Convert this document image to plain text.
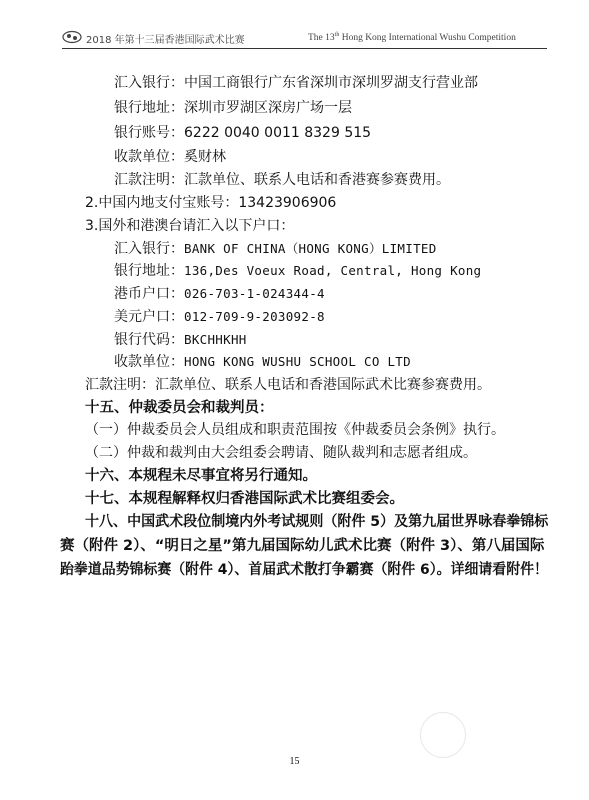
2018 年第十三届香港国际武术比赛	The 13th Hong Kong International Wushu Competition
汇入银行：中国工商银行广东省深圳市深圳罗湖支行营业部
银行地址：深圳市罗湖区深房广场一层
银行账号：6222 0040 0011 8329 515
收款单位：奚财林
汇款注明：汇款单位、联系人电话和香港赛参赛费用。
2.中国内地支付宝账号：13423906906
3.国外和港澳台请汇入以下户口：
汇入银行：BANK OF CHINA（HONG KONG）LIMITED
银行地址：136,Des Voeux Road, Central, Hong Kong
港币户口：026-703-1-024344-4
美元户口：012-709-9-203092-8
银行代码：BKCHHKHH
收款单位：HONG KONG WUSHU SCHOOL CO LTD
汇款注明：汇款单位、联系人电话和香港国际武术比赛参赛费用。
十五、仲裁委员会和裁判员：
（一）仲裁委员会人员组成和职责范围按《仲裁委员会条例》执行。
（二）仲裁和裁判由大会组委会聘请、随队裁判和志愿者组成。
十六、本规程未尽事宜将另行通知。
十七、本规程解释权归香港国际武术比赛组委会。
十八、中国武术段位制境内外考试规则（附件 5）及第九届世界咏春拳锦标
赛（附件 2）、“明日之星”第九届国际幼儿武术比赛（附件 3）、第八届国际
跆拳道品势锦标赛（附件 4）、首届武术散打争霸赛（附件 6）。详细请看附件！
15
